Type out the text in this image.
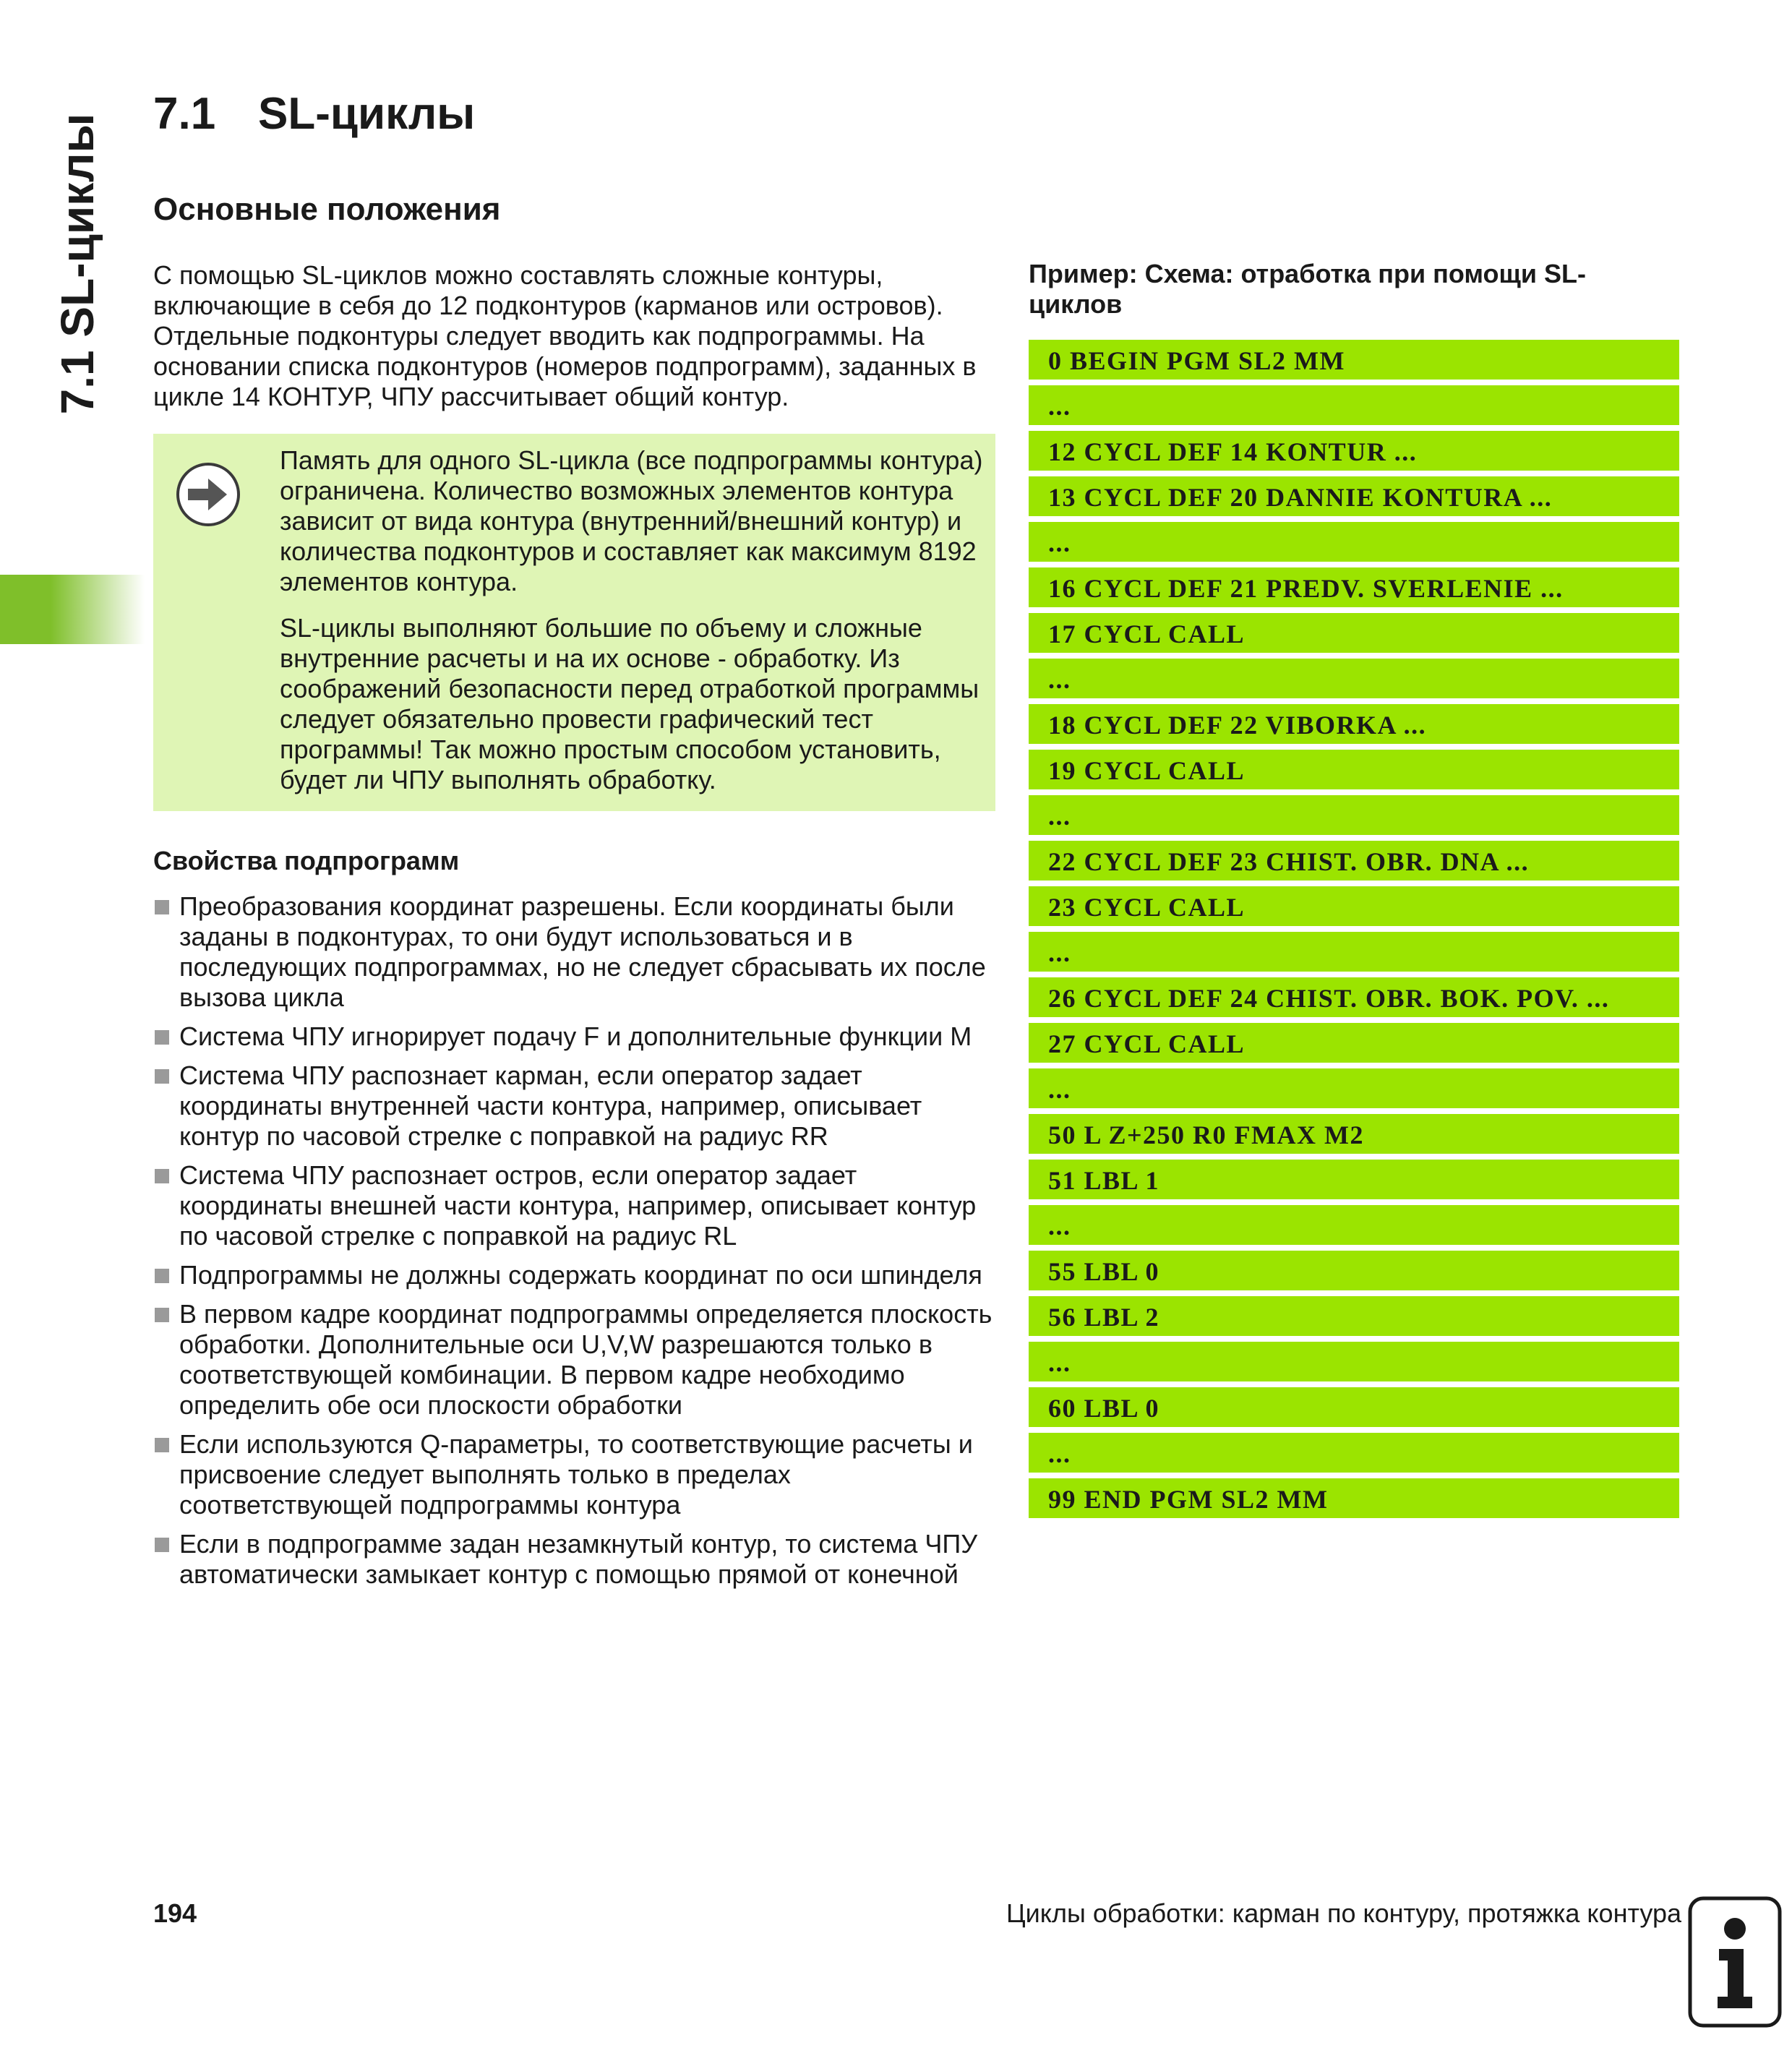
7.1 SL-циклы 7.1 SL-циклы
Основные положения

С помощью SL-циклов можно составлять сложные контуры, включающие в себя до 12 подконтуров (карманов или островов). Отдельные подконтуры следует вводить как подпрограммы. На основании списка подконтуров (номеров подпрограмм), заданных в цикле 14 КОНТУР, ЧПУ рассчитывает общий контур.

Память для одного SL-цикла (все подпрограммы контура) ограничена. Количество возможных элементов контура зависит от вида контура (внутренний/внешний контур) и количества подконтуров и составляет как максимум 8192 элементов контура.

SL-циклы выполняют большие по объему и сложные внутренние расчеты и на их основе - обработку. Из соображений безопасности перед отработкой программы следует обязательно провести графический тест программы! Так можно простым способом установить, будет ли ЧПУ выполнять обработку.

Свойства подпрограмм
Преобразования координат разрешены. Если координаты были заданы в подконтурах, то они будут использоваться и в последующих подпрограммах, но не следует сбрасывать их после вызова цикла
Система ЧПУ игнорирует подачу F и дополнительные функции M
Система ЧПУ распознает карман, если оператор задает координаты внутренней части контура, например, описывает контур по часовой стрелке с поправкой на радиус RR
Система ЧПУ распознает остров, если оператор задает координаты внешней части контура, например, описывает контур по часовой стрелке с поправкой на радиус RL
Подпрограммы не должны содержать координат по оси шпинделя
В первом кадре координат подпрограммы определяется плоскость обработки. Дополнительные оси U,V,W разрешаются только в соответствующей комбинации. В первом кадре необходимо определить обе оси плоскости обработки
Если используются Q-параметры, то соответствующие расчеты и присвоение следует выполнять только в пределах соответствующей подпрограммы контура
Если в подпрограмме задан незамкнутый контур, то система ЧПУ автоматически замыкает контур с помощью прямой от конечной
Пример: Схема: отработка при помощи SL-циклов
0 BEGIN PGM SL2 MM
...
12 CYCL DEF 14 KONTUR ...
13 CYCL DEF 20 DANNIE KONTURA ...
...
16 CYCL DEF 21 PREDV. SVERLENIE ...
17 CYCL CALL
...
18 CYCL DEF 22 VIBORKA ...
19 CYCL CALL
...
22 CYCL DEF 23 CHIST. OBR. DNA ...
23 CYCL CALL
...
26 CYCL DEF 24 CHIST. OBR. BOK. POV. ...
27 CYCL CALL
...
50 L Z+250 R0 FMAX M2
51 LBL 1
...
55 LBL 0
56 LBL 2
...
60 LBL 0
...
99 END PGM SL2 MM
194	Циклы обработки: карман по контуру, протяжка контура
